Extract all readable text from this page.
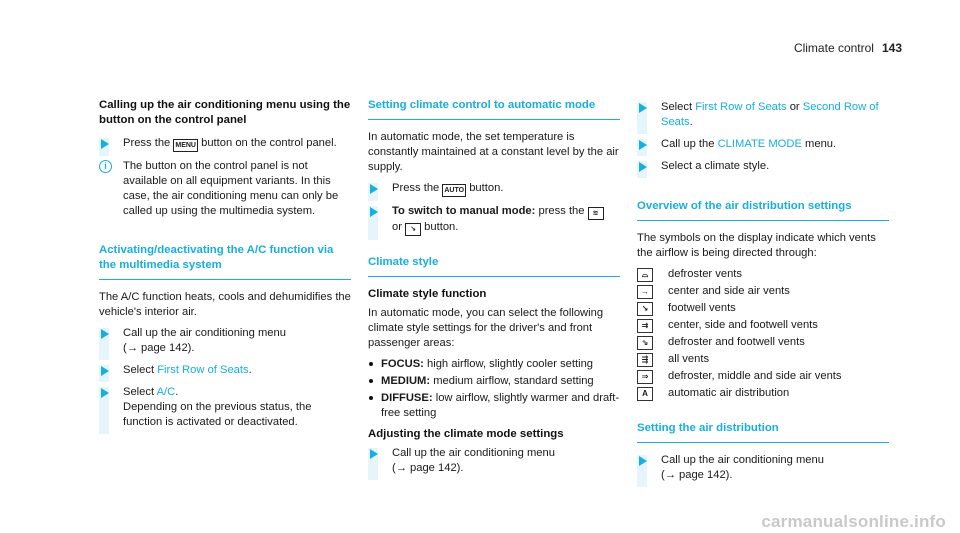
Climate control 143
Calling up the air conditioning menu using the button on the control panel
Press the MENU button on the control panel.
i	The button on the control panel is not available on all equipment variants. In this case, the air conditioning menu can only be called up using the multimedia system.
Activating/deactivating the A/C function via the multimedia system

The A/C function heats, cools and dehumidifies the vehicle's interior air.

Call up the air conditioning menu
(→ page 142).
Select First Row of Seats.
Select A/C.
Depending on the previous status, the function is activated or deactivated.
Setting climate control to automatic mode

In automatic mode, the set temperature is constantly maintained at a constant level by the air supply.

Press the AUTO button.
To switch to manual mode: press the ≋
or ↘ button.
Climate style
Climate style function

In automatic mode, you can select the following climate style settings for the driver's and front passenger areas:

FOCUS: high airflow, slightly cooler setting
MEDIUM: medium airflow, standard setting
DIFFUSE: low airflow, slightly warmer and draft-free setting
Adjusting the climate mode settings
Call up the air conditioning menu
(→ page 142).
Select First Row of Seats or Second Row of Seats.
Call up the CLIMATE MODE menu.
Select a climate style.
Overview of the air distribution settings

The symbols on the display indicate which vents the airflow is being directed through:

⌓	defroster vents
→	center and side air vents
↘	footwell vents
⇉	center, side and footwell vents
⇘	defroster and footwell vents
⇶	all vents
⇒	defroster, middle and side air vents
A	automatic air distribution
Setting the air distribution
Call up the air conditioning menu
(→ page 142).
carmanualsonline.info
